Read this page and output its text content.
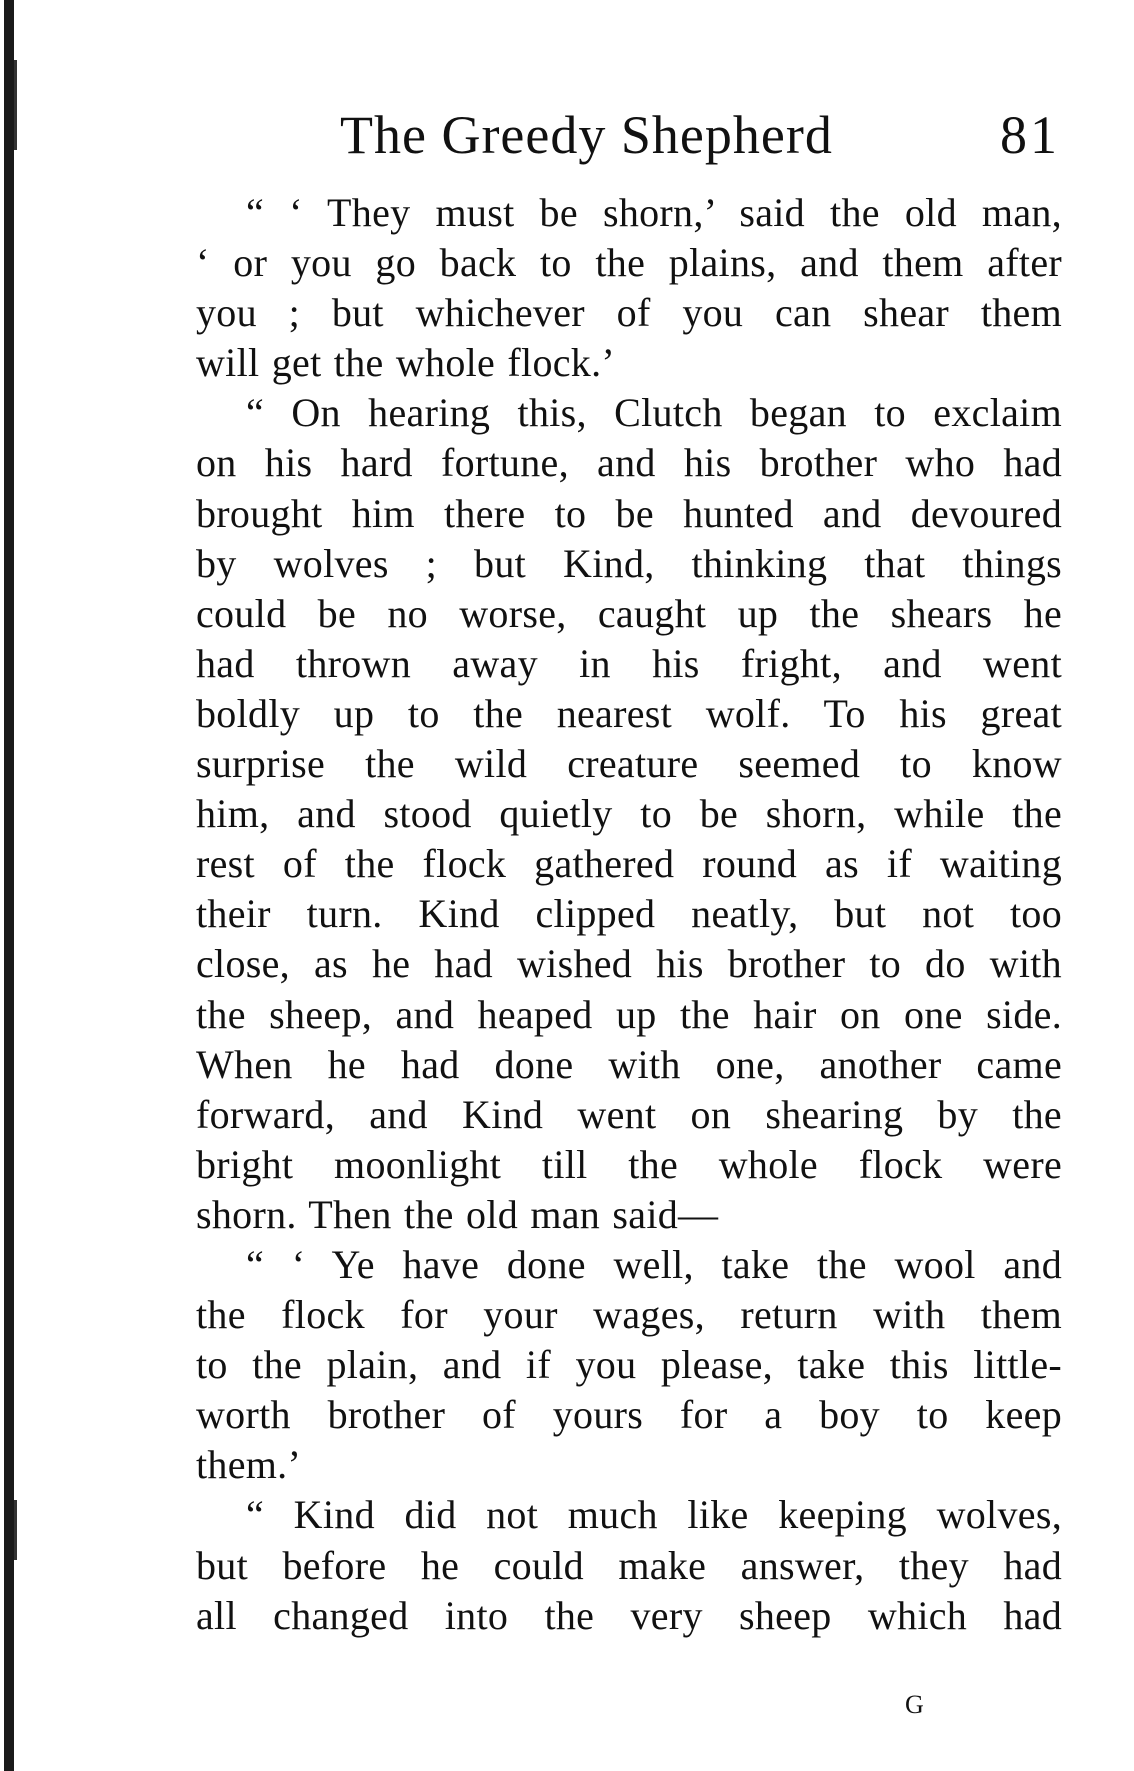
The Greedy Shepherd	81
“ ‘ They must be shorn,’ said the old man,
‘ or you go back to the plains, and them after
you ; but whichever of you can shear them
will get the whole flock.’
“ On hearing this, Clutch began to exclaim
on his hard fortune, and his brother who had
brought him there to be hunted and devoured
by wolves ; but Kind, thinking that things
could be no worse, caught up the shears he
had thrown away in his fright, and went
boldly up to the nearest wolf. To his great
surprise the wild creature seemed to know
him, and stood quietly to be shorn, while the
rest of the flock gathered round as if waiting
their turn. Kind clipped neatly, but not too
close, as he had wished his brother to do with
the sheep, and heaped up the hair on one side.
When he had done with one, another came
forward, and Kind went on shearing by the
bright moonlight till the whole flock were
shorn. Then the old man said—
“ ‘ Ye have done well, take the wool and
the flock for your wages, return with them
to the plain, and if you please, take this little-
worth brother of yours for a boy to keep
them.’
“ Kind did not much like keeping wolves,
but before he could make answer, they had
all changed into the very sheep which had
G
